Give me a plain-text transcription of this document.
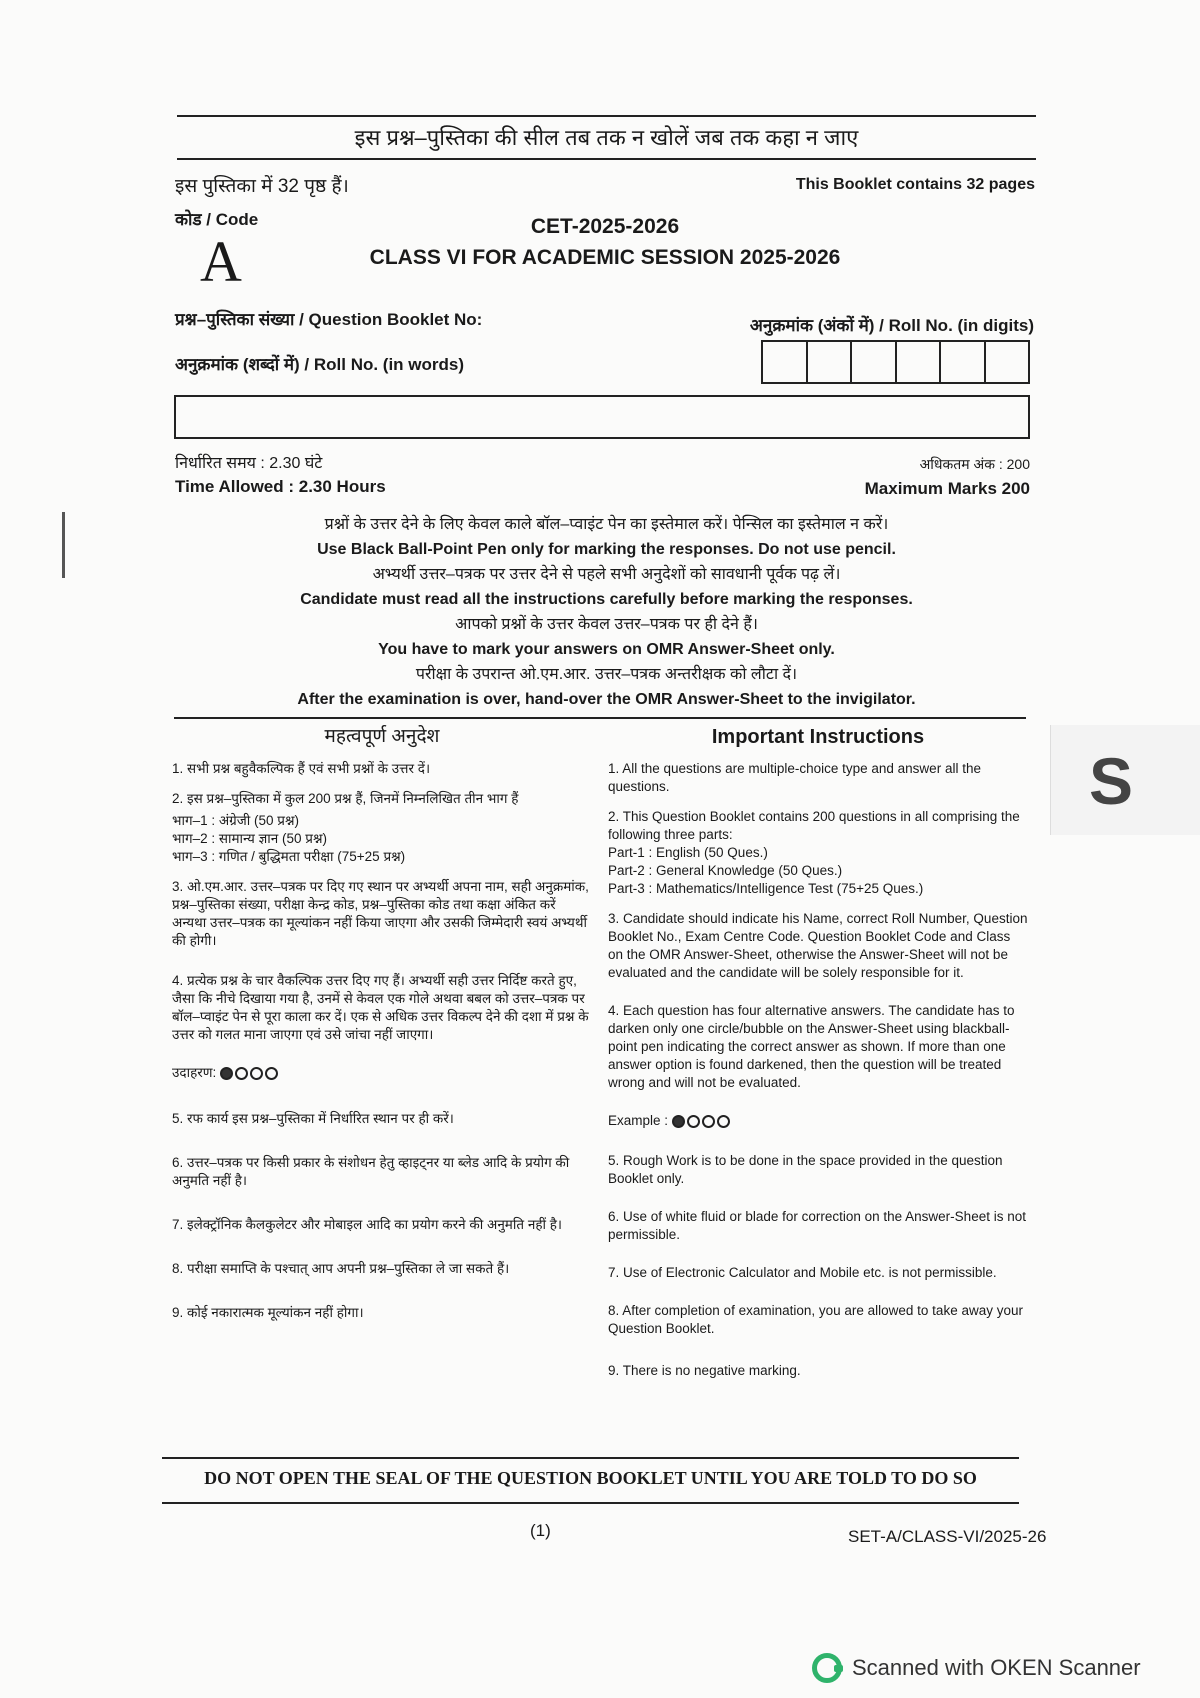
इस प्रश्न–पुस्तिका की सील तब तक न खोलें जब तक कहा न जाए
इस पुस्तिका में 32 पृष्ठ हैं।	This Booklet contains 32 pages
कोड / Code
A
CET-2025-2026
CLASS VI FOR ACADEMIC SESSION 2025-2026
प्रश्न–पुस्तिका संख्या / Question Booklet No:	अनुक्रमांक (अंकों में) / Roll No. (in digits)
अनुक्रमांक (शब्दों में) / Roll No. (in words)
निर्धारित समय : 2.30 घंटे
Time Allowed : 2.30 Hours
अधिकतम अंक : 200
Maximum Marks 200
प्रश्नों के उत्तर देने के लिए केवल काले बॉल–प्वाइंट पेन का इस्तेमाल करें। पेन्सिल का इस्तेमाल न करें।
Use Black Ball-Point Pen only for marking the responses. Do not use pencil.
अभ्यर्थी उत्तर–पत्रक पर उत्तर देने से पहले सभी अनुदेशों को सावधानी पूर्वक पढ़ लें।
Candidate must read all the instructions carefully before marking the responses.
आपको प्रश्नों के उत्तर केवल उत्तर–पत्रक पर ही देने हैं।
You have to mark your answers on OMR Answer-Sheet only.
परीक्षा के उपरान्त ओ.एम.आर. उत्तर–पत्रक अन्तरीक्षक को लौटा दें।
After the examination is over, hand-over the OMR Answer-Sheet to the invigilator.
महत्वपूर्ण अनुदेश

1. सभी प्रश्न बहुवैकल्पिक हैं एवं सभी प्रश्नों के उत्तर दें।

2. इस प्रश्न–पुस्तिका में कुल 200 प्रश्न हैं, जिनमें निम्नलिखित तीन भाग हैं

भाग–1 : अंग्रेजी (50 प्रश्न)
भाग–2 : सामान्य ज्ञान (50 प्रश्न)

भाग–3 : गणित / बुद्धिमता परीक्षा (75+25 प्रश्न)

3. ओ.एम.आर. उत्तर–पत्रक पर दिए गए स्थान पर अभ्यर्थी अपना नाम, सही अनुक्रमांक, प्रश्न–पुस्तिका संख्या, परीक्षा केन्द्र कोड, प्रश्न–पुस्तिका कोड तथा कक्षा अंकित करें अन्यथा उत्तर–पत्रक का मूल्यांकन नहीं किया जाएगा और उसकी जिम्मेदारी स्वयं अभ्यर्थी की होगी।

4. प्रत्येक प्रश्न के चार वैकल्पिक उत्तर दिए गए हैं। अभ्यर्थी सही उत्तर निर्दिष्ट करते हुए, जैसा कि नीचे दिखाया गया है, उनमें से केवल एक गोले अथवा बबल को उत्तर–पत्रक पर बॉल–प्वाइंट पेन से पूरा काला कर दें। एक से अधिक उत्तर विकल्प देने की दशा में प्रश्न के उत्तर को गलत माना जाएगा एवं उसे जांचा नहीं जाएगा।

उदाहरण:

5. रफ कार्य इस प्रश्न–पुस्तिका में निर्धारित स्थान पर ही करें।

6. उत्तर–पत्रक पर किसी प्रकार के संशोधन हेतु व्हाइट्नर या ब्लेड आदि के प्रयोग की अनुमति नहीं है।

7. इलेक्ट्रॉनिक कैलकुलेटर और मोबाइल आदि का प्रयोग करने की अनुमति नहीं है।

8. परीक्षा समाप्ति के पश्चात् आप अपनी प्रश्न–पुस्तिका ले जा सकते हैं।

9. कोई नकारात्मक मूल्यांकन नहीं होगा।

Important Instructions

1. All the questions are multiple-choice type and answer all the questions.

2. This Question Booklet contains 200 questions in all comprising the following three parts:

Part-1 : English (50 Ques.)
Part-2 : General Knowledge (50 Ques.)

Part-3 : Mathematics/Intelligence Test (75+25 Ques.)

3. Candidate should indicate his Name, correct Roll Number, Question Booklet No., Exam Centre Code. Question Booklet Code and Class on the OMR Answer-Sheet, otherwise the Answer-Sheet will not be evaluated and the candidate will be solely responsible for it.

4. Each question has four alternative answers. The candidate has to darken only one circle/bubble on the Answer-Sheet using blackball-point pen indicating the correct answer as shown. If more than one answer option is found darkened, then the question will be treated wrong and will not be evaluated.

Example :

5. Rough Work is to be done in the space provided in the question Booklet only.

6. Use of white fluid or blade for correction on the Answer-Sheet is not permissible.

7. Use of Electronic Calculator and Mobile etc. is not permissible.

8. After completion of examination, you are allowed to take away your Question Booklet.

9. There is no negative marking.

DO NOT OPEN THE SEAL OF THE QUESTION BOOKLET UNTIL YOU ARE TOLD TO DO SO
(1)	SET-A/CLASS-VI/2025-26
S
Scanned with OKEN Scanner
